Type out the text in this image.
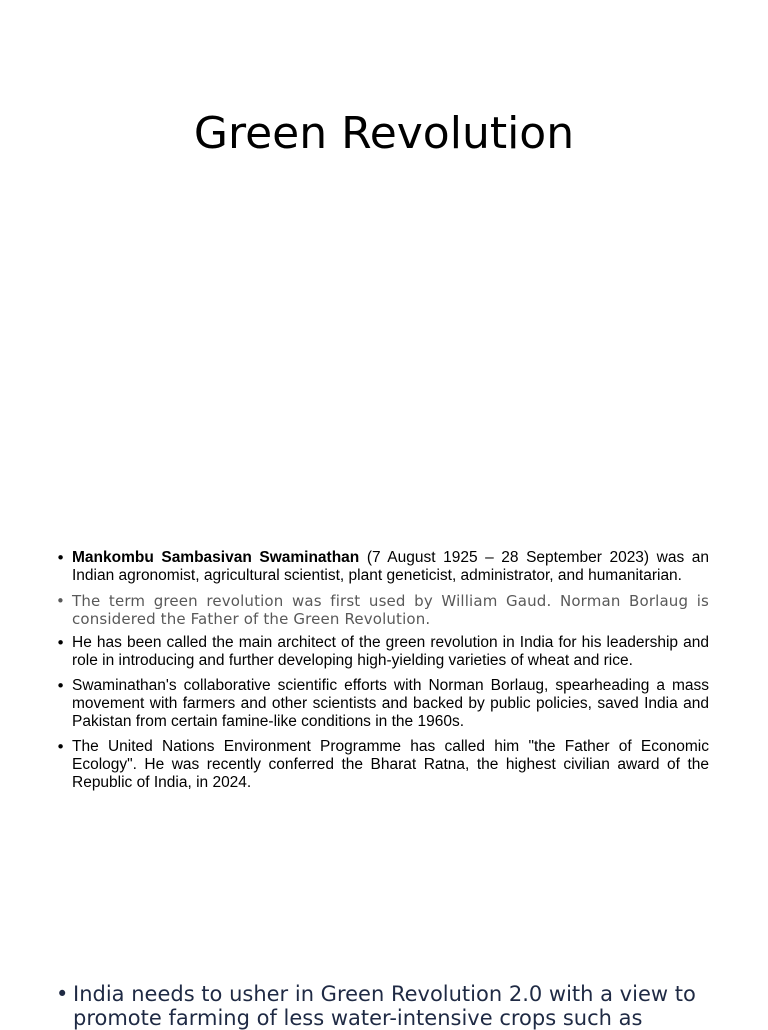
Green Revolution
• Mankombu Sambasivan Swaminathan (7 August 1925 – 28 September 2023) was an Indian agronomist, agricultural scientist, plant geneticist, administrator, and humanitarian.
• The term green revolution was first used by William Gaud. Norman Borlaug is considered the Father of the Green Revolution.
• He has been called the main architect of the green revolution in India for his leadership and role in introducing and further developing high-yielding varieties of wheat and rice.
• Swaminathan's collaborative scientific efforts with Norman Borlaug, spearheading a mass movement with farmers and other scientists and backed by public policies, saved India and Pakistan from certain famine-like conditions in the 1960s.
• The United Nations Environment Programme has called him "the Father of Economic Ecology". He was recently conferred the Bharat Ratna, the highest civilian award of the Republic of India, in 2024.
• India needs to usher in Green Revolution 2.0 with a view to promote farming of less water-intensive crops such as
